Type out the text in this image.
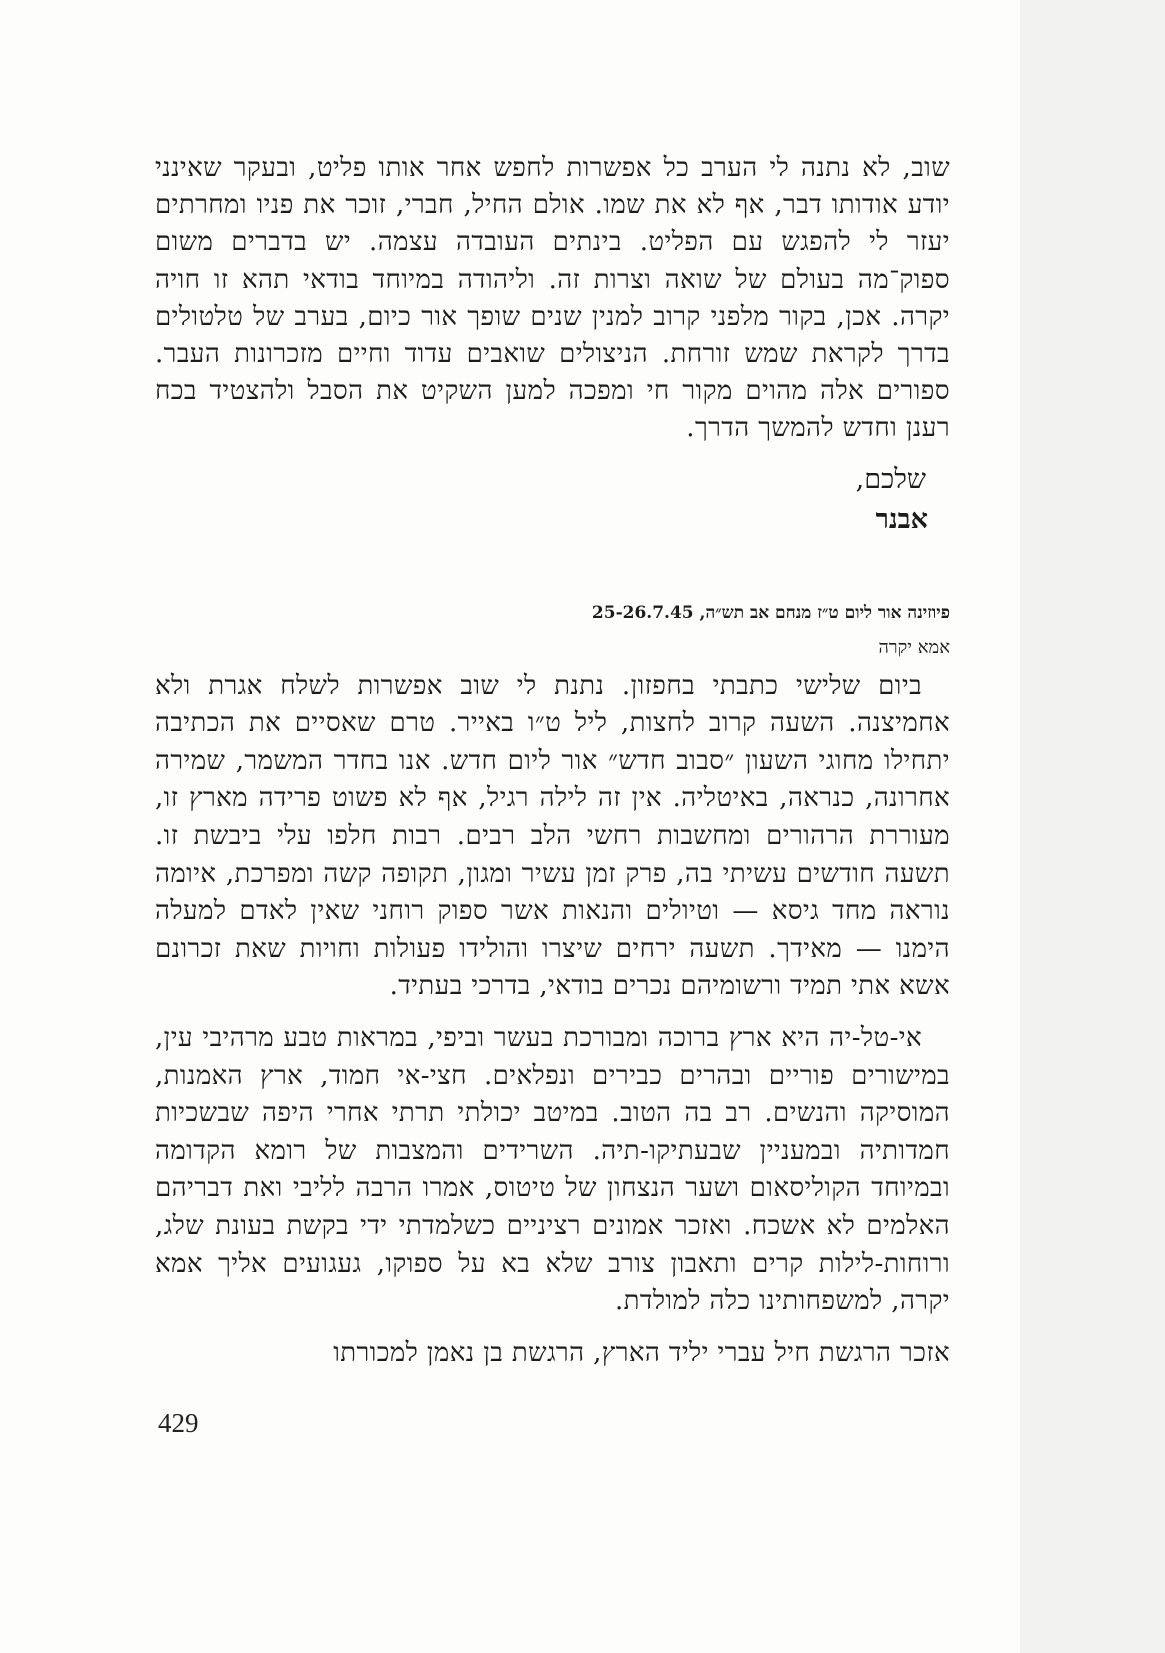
שוב, לא נתנה לי הערב כל אפשרות לחפש אחר אותו פליט, ובעקר שאינני יודע אודותו דבר, אף לא את שמו. אולם החיל, חברי, זוכר את פניו ומחרתים יעזר לי להפגש עם הפליט. בינתים העובדה עצמה. יש בדברים משום ספוק־מה בעולם של שואה וצרות זה. וליהודה במיוחד בודאי תהא זו חויה יקרה. אכן, בקור מלפני קרוב למנין שנים שופך אור כיום, בערב של טלטולים בדרך לקראת שמש זורחת. הניצולים שואבים עדוד וחיים מזכרונות העבר. ספורים אלה מהוים מקור חי ומפכה למען השקיט את הסבל ולהצטיד בכח רענן וחדש להמשך הדרך.

שלכם,
אבנר
פיוזינה אור ליום ט״ז מנחם אב תש״ה, 25-26.7.45
אמא יקרה

ביום שלישי כתבתי בחפזון. נתנת לי שוב אפשרות לשלח אגרת ולא אחמיצנה. השעה קרוב לחצות, ליל ט״ו באייר. טרם שאסיים את הכתיבה יתחילו מחוגי השעון ״סבוב חדש״ אור ליום חדש. אנו בחדר המשמר, שמירה אחרונה, כנראה, באיטליה. אין זה לילה רגיל, אף לא פשוט פרידה מארץ זו, מעוררת הרהורים ומחשבות רחשי הלב רבים. רבות חלפו עלי ביבשת זו. תשעה חודשים עשיתי בה, פרק זמן עשיר ומגון, תקופה קשה ומפרכת, איומה נוראה מחד גיסא — וטיולים והנאות אשר ספוק רוחני שאין לאדם למעלה הימנו — מאידך. תשעה ירחים שיצרו והולידו פעולות וחויות שאת זכרונם אשא אתי תמיד ורשומיהם נכרים בודאי, בדרכי בעתיד.

אי-טל-יה היא ארץ ברוכה ומבורכת בעשר וביפי, במראות טבע מרהיבי עין, במישורים פוריים ובהרים כבירים ונפלאים. חצי-אי חמוד, ארץ האמנות, המוסיקה והנשים. רב בה הטוב. במיטב יכולתי תרתי אחרי היפה שבשכיות חמדותיה ובמעניין שבעתיקו-תיה. השרידים והמצבות של רומא הקדומה ובמיוחד הקוליסאום ושער הנצחון של טיטוס, אמרו הרבה לליבי ואת דבריהם האלמים לא אשכח. ואזכר אמונים רציניים כשלמדתי ידי בקשת בעונת שלג, ורוחות-לילות קרים ותאבון צורב שלא בא על ספוקו, געגועים אליך אמא יקרה, למשפחותינו כלה למולדת.

אזכר הרגשת חיל עברי יליד הארץ, הרגשת בן נאמן למכורתו

429
